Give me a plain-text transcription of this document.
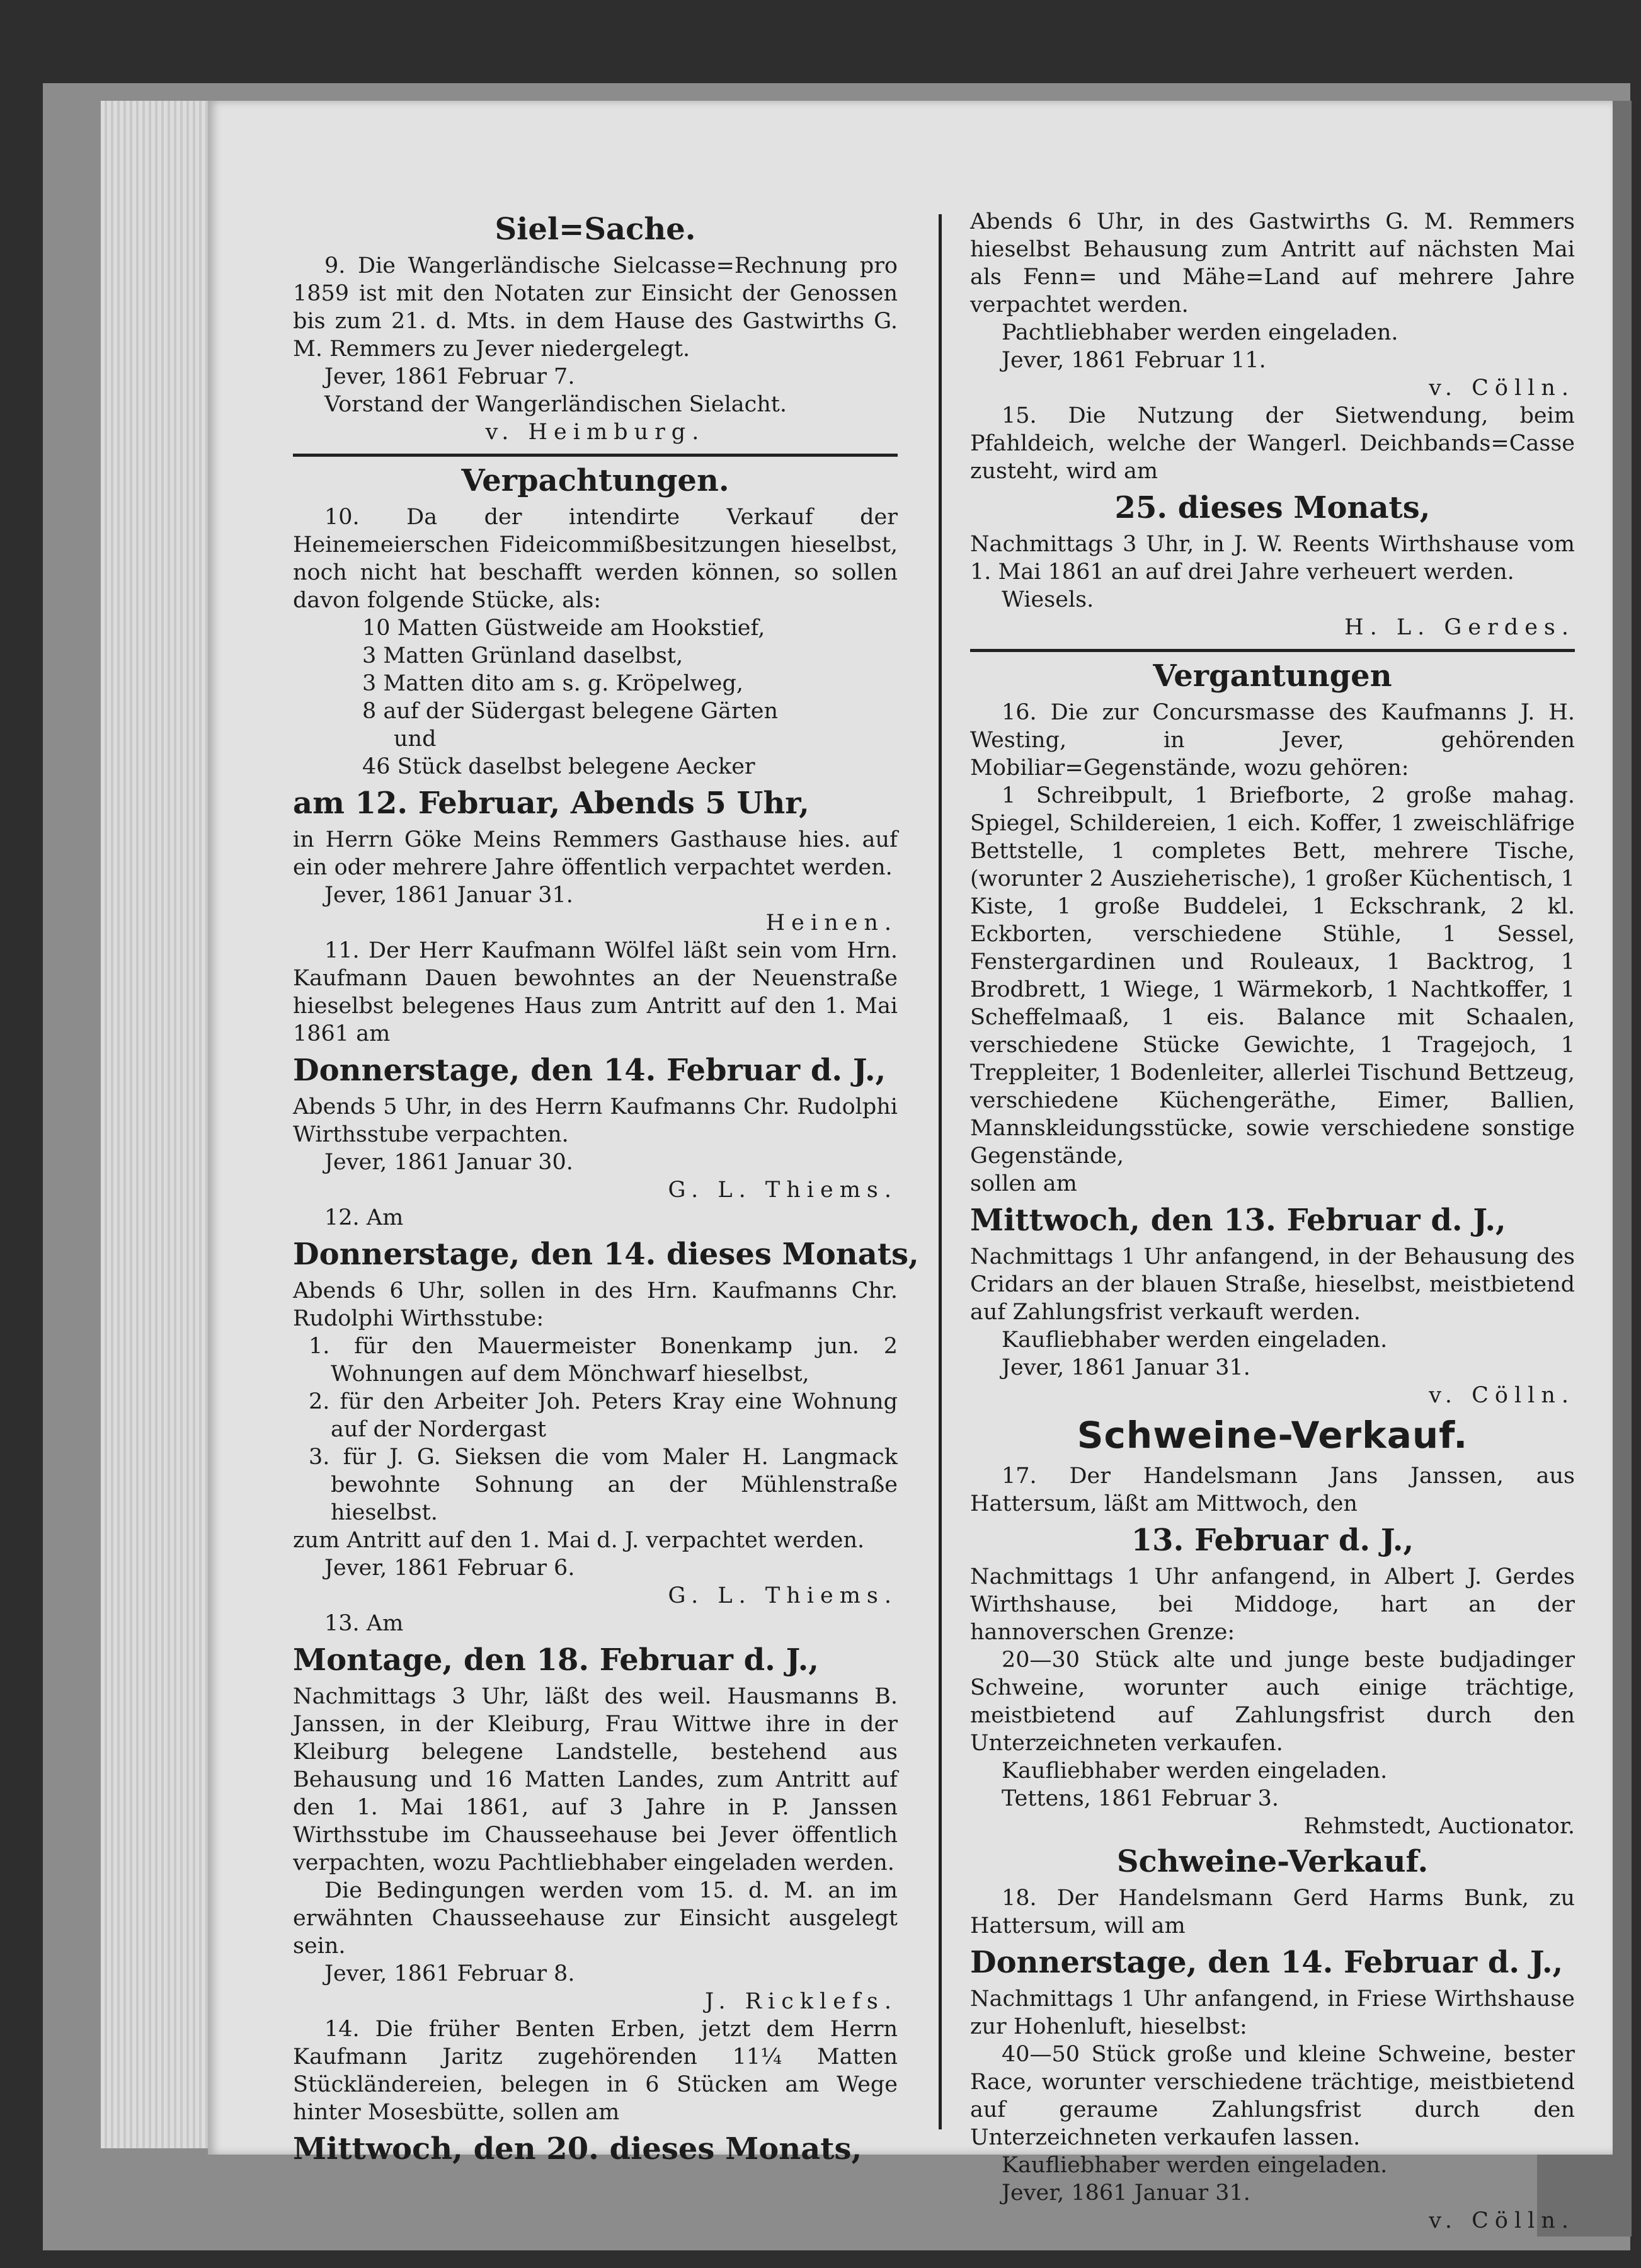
Siel=Sache.

9. Die Wangerländische Sielcasse=Rechnung pro 1859 ist mit den Notaten zur Einsicht der Genossen bis zum 21. d. Mts. in dem Hause des Gastwirths G. M. Remmers zu Jever niedergelegt.

Jever, 1861 Februar 7.

Vorstand der Wangerländischen Sielacht.

v. Heimburg.

Verpachtungen.

10. Da der intendirte Verkauf der Heinemeierschen Fideicommißbesitzungen hieselbst, noch nicht hat beschafft werden können, so sollen davon folgende Stücke, als:

10 Matten Güstweide am Hookstief,

3 Matten Grünland daselbst,

3 Matten dito am s. g. Kröpelweg,

8 auf der Südergast belegene Gärten

und

46 Stück daselbst belegene Aecker

am 12. Februar, Abends 5 Uhr,

in Herrn Göke Meins Remmers Gasthause hies. auf ein oder mehrere Jahre öffentlich verpachtet werden.

Jever, 1861 Januar 31.

Heinen.

11. Der Herr Kaufmann Wölfel läßt sein vom Hrn. Kaufmann Dauen bewohntes an der Neuenstraße hieselbst belegenes Haus zum Antritt auf den 1. Mai 1861 am

Donnerstage, den 14. Februar d. J.,

Abends 5 Uhr, in des Herrn Kaufmanns Chr. Rudolphi Wirthsstube verpachten.

Jever, 1861 Januar 30.

G. L. Thiems.

12. Am

Donnerstage, den 14. dieses Monats,

Abends 6 Uhr, sollen in des Hrn. Kaufmanns Chr. Rudolphi Wirthsstube:

1. für den Mauermeister Bonenkamp jun. 2 Wohnungen auf dem Mönchwarf hieselbst,

2. für den Arbeiter Joh. Peters Kray eine Wohnung auf der Nordergast

3. für J. G. Sieksen die vom Maler H. Langmack bewohnte Sohnung an der Mühlenstraße hieselbst.

zum Antritt auf den 1. Mai d. J. verpachtet werden.

Jever, 1861 Februar 6.

G. L. Thiems.

13. Am

Montage, den 18. Februar d. J.,

Nachmittags 3 Uhr, läßt des weil. Hausmanns B. Janssen, in der Kleiburg, Frau Wittwe ihre in der Kleiburg belegene Landstelle, bestehend aus Behausung und 16 Matten Landes, zum Antritt auf den 1. Mai 1861, auf 3 Jahre in P. Janssen Wirthsstube im Chausseehause bei Jever öffentlich verpachten, wozu Pachtliebhaber eingeladen werden.

Die Bedingungen werden vom 15. d. M. an im erwähnten Chausseehause zur Einsicht ausgelegt sein.

Jever, 1861 Februar 8.

J. Ricklefs.

14. Die früher Benten Erben, jetzt dem Herrn Kaufmann Jaritz zugehörenden 11¼ Matten Stückländereien, belegen in 6 Stücken am Wege hinter Mosesbütte, sollen am

Mittwoch, den 20. dieses Monats,

Abends 6 Uhr, in des Gastwirths G. M. Remmers hieselbst Behausung zum Antritt auf nächsten Mai als Fenn= und Mähe=Land auf mehrere Jahre verpachtet werden.

Pachtliebhaber werden eingeladen.

Jever, 1861 Februar 11.

v. Cölln.

15. Die Nutzung der Sietwendung, beim Pfahldeich, welche der Wangerl. Deichbands=Casse zusteht, wird am

25. dieses Monats,

Nachmittags 3 Uhr, in J. W. Reents Wirthshause vom 1. Mai 1861 an auf drei Jahre verheuert werden.

Wiesels.

H. L. Gerdes.

Vergantungen

16. Die zur Concursmasse des Kaufmanns J. H. Westing, in Jever, gehörenden Mobiliar=Gegenstände, wozu gehören:

1 Schreibpult, 1 Briefborte, 2 große mahag. Spiegel, Schildereien, 1 eich. Koffer, 1 zweischläfrige Bettstelle, 1 completes Bett, mehrere Tische, (worunter 2 Auszieheтische), 1 großer Küchentisch, 1 Kiste, 1 große Buddelei, 1 Eckschrank, 2 kl. Eckborten, verschiedene Stühle, 1 Sessel, Fenstergardinen und Rouleaux, 1 Backtrog, 1 Brodbrett, 1 Wiege, 1 Wärmekorb, 1 Nachtkoffer, 1 Scheffelmaaß, 1 eis. Balance mit Schaalen, verschiedene Stücke Gewichte, 1 Tragejoch, 1 Treppleiter, 1 Bodenleiter, allerlei Tischund Bettzeug, verschiedene Küchengeräthe, Eimer, Ballien, Mannskleidungsstücke, sowie verschiedene sonstige Gegenstände,

sollen am

Mittwoch, den 13. Februar d. J.,

Nachmittags 1 Uhr anfangend, in der Behausung des Cridars an der blauen Straße, hieselbst, meistbietend auf Zahlungsfrist verkauft werden.

Kaufliebhaber werden eingeladen.

Jever, 1861 Januar 31.

v. Cölln.

Schweine-Verkauf.

17. Der Handelsmann Jans Janssen, aus Hattersum, läßt am Mittwoch, den

13. Februar d. J.,

Nachmittags 1 Uhr anfangend, in Albert J. Gerdes Wirthshause, bei Middoge, hart an der hannoverschen Grenze:

20—30 Stück alte und junge beste budjadinger Schweine, worunter auch einige trächtige, meistbietend auf Zahlungsfrist durch den Unterzeichneten verkaufen.

Kaufliebhaber werden eingeladen.

Tettens, 1861 Februar 3.

Rehmstedt, Auctionator.

Schweine-Verkauf.

18. Der Handelsmann Gerd Harms Bunk, zu Hattersum, will am

Donnerstage, den 14. Februar d. J.,

Nachmittags 1 Uhr anfangend, in Friese Wirthshause zur Hohenluft, hieselbst:

40—50 Stück große und kleine Schweine, bester Race, worunter verschiedene trächtige, meistbietend auf geraume Zahlungsfrist durch den Unterzeichneten verkaufen lassen.

Kaufliebhaber werden eingeladen.

Jever, 1861 Januar 31.

v. Cölln.
